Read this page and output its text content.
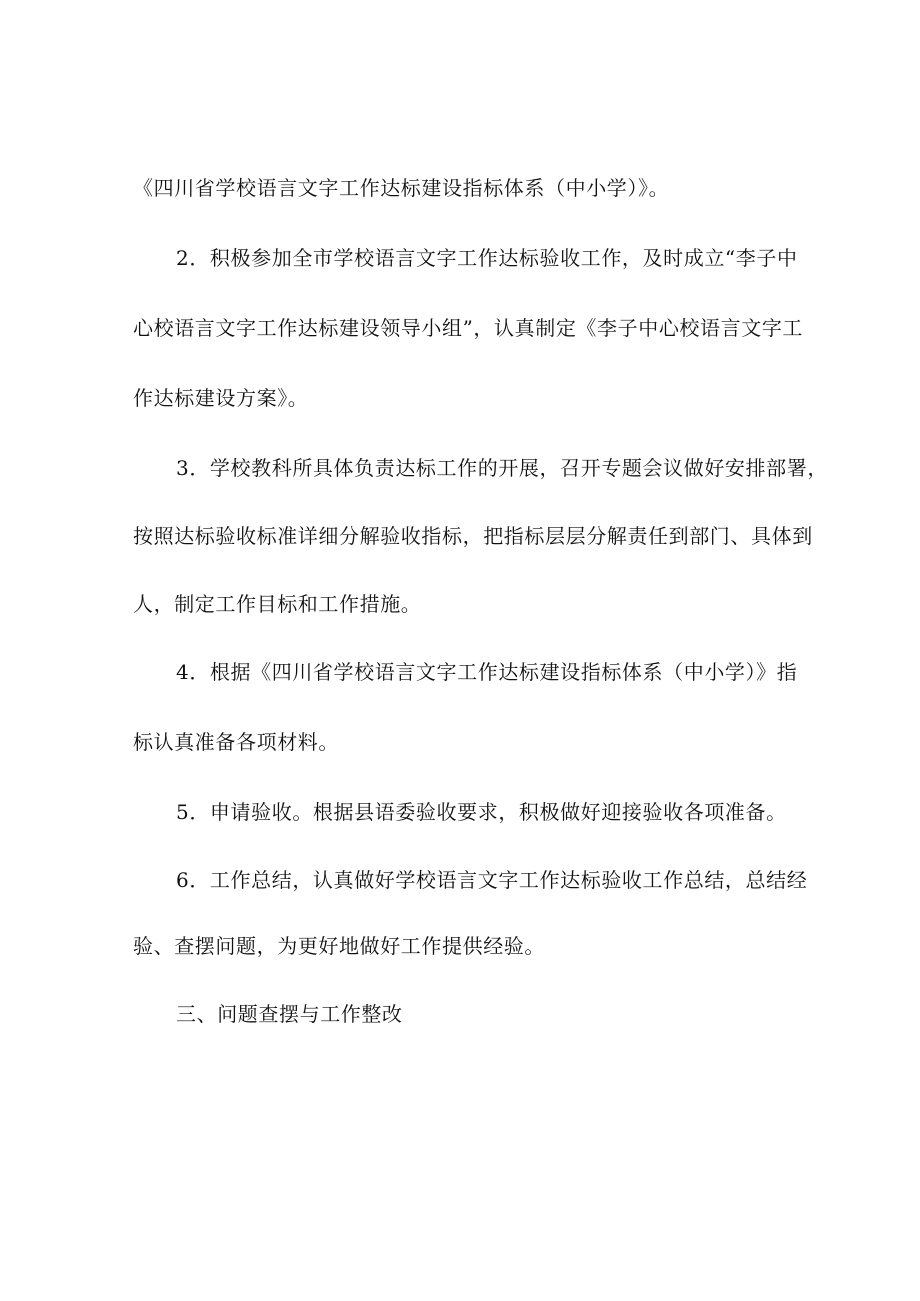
《四川省学校语言文字工作达标建设指标体系（中小学）》。
2．积极参加全市学校语言文字工作达标验收工作，及时成立“李子中
心校语言文字工作达标建设领导小组”，认真制定《李子中心校语言文字工
作达标建设方案》。
3．学校教科所具体负责达标工作的开展，召开专题会议做好安排部署，
按照达标验收标准详细分解验收指标，把指标层层分解责任到部门、具体到
人，制定工作目标和工作措施。
4．根据《四川省学校语言文字工作达标建设指标体系（中小学）》指
标认真准备各项材料。
5．申请验收。根据县语委验收要求，积极做好迎接验收各项准备。
6．工作总结，认真做好学校语言文字工作达标验收工作总结，总结经
验、查摆问题，为更好地做好工作提供经验。
三、问题查摆与工作整改
